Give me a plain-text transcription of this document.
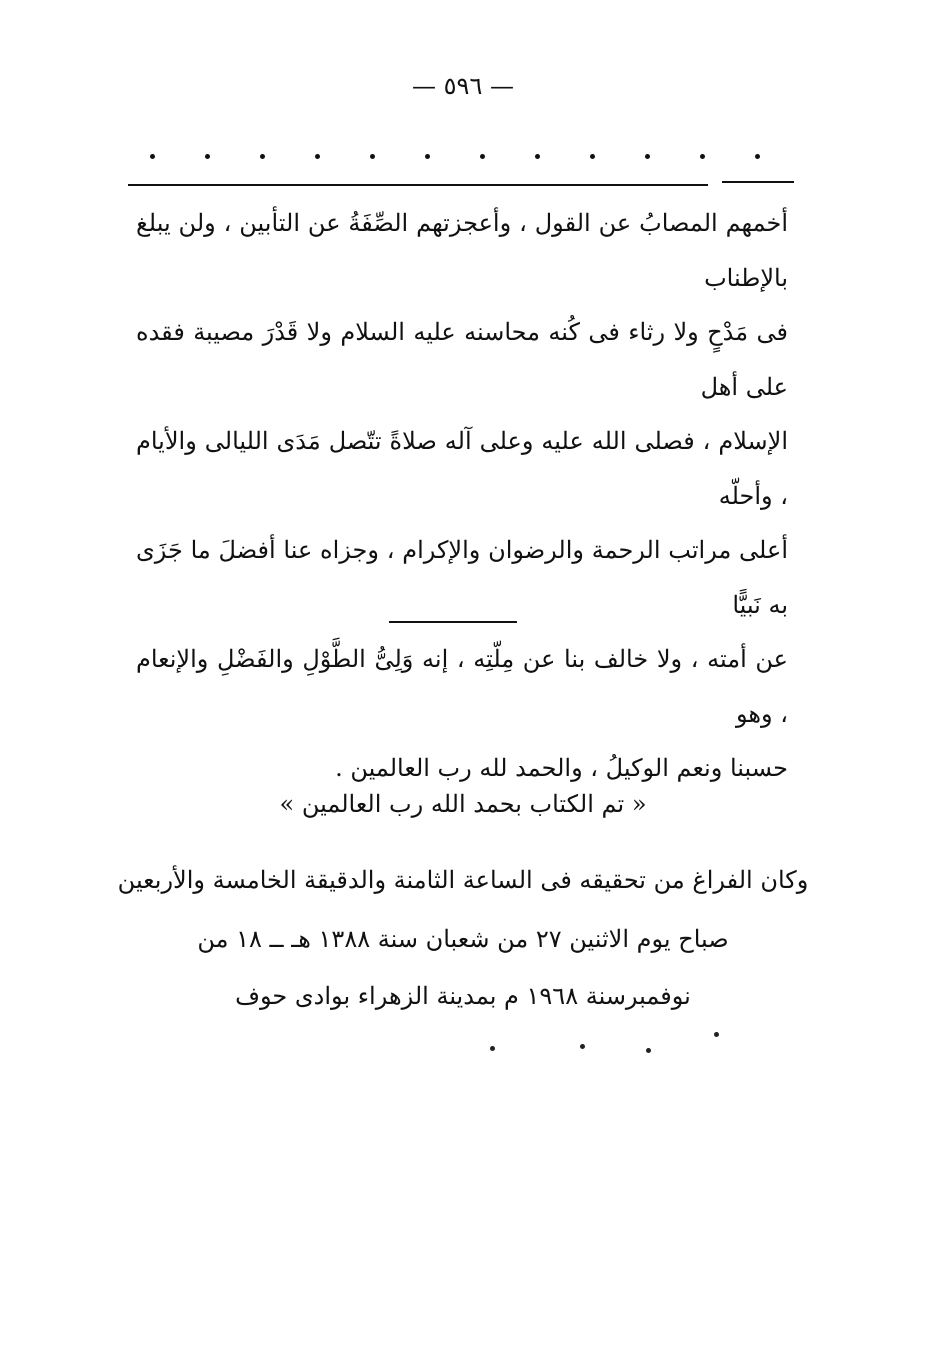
— ٥٩٦ —

أخمهم المصابُ عن القول ، وأعجزتهم الصِّفَةُ عن التأبين ، ولن يبلغ بالإطناب

فى مَدْحٍ ولا رثاء فى كُنه محاسنه عليه السلام ولا قَدْرَ مصيبة فقده على أهل

الإسلام ، فصلى الله عليه وعلى آله صلاةً تتّصل مَدَى الليالى والأيام ، وأحلّه

أعلى مراتب الرحمة والرضوان والإكرام ، وجزاه عنا أفضلَ ما جَزَى به نَبيًّا

عن أمته ، ولا خالف بنا عن مِلّتِه ، إنه وَلِىُّ الطَّوْلِ والفَضْلِ والإنعام ، وهو

حسبنا ونعم الوكيلُ ، والحمد لله رب العالمين .

« تم الكتاب بحمد الله رب العالمين »
وكان الفراغ من تحقيقه فى الساعة الثامنة والدقيقة الخامسة والأربعين
صباح يوم الاثنين ٢٧ من شعبان سنة ١٣٨٨ هـ ــ ١٨ من
نوفمبرسنة ١٩٦٨ م بمدينة الزهراء بوادى حوف
